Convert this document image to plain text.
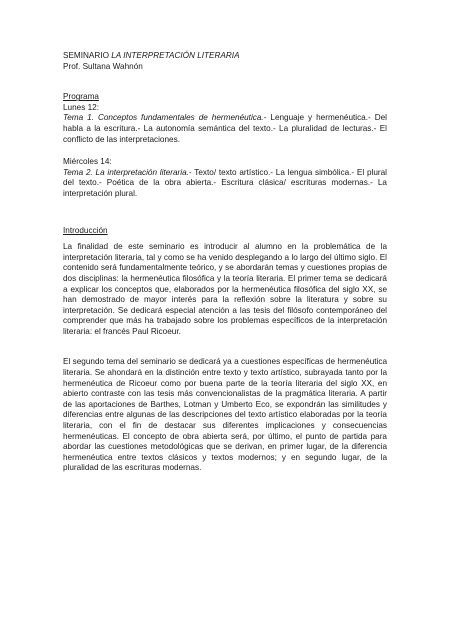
SEMINARIO LA INTERPRETACIÓN LITERARIA
Prof. Sultana Wahnón
Programa
Lunes 12:
Tema 1. Conceptos fundamentales de hermenéutica.- Lenguaje y hermenéutica.- Del habla a la escritura.- La autonomía semántica del texto.- La pluralidad de lecturas.- El conflicto de las interpretaciones.
Miércoles 14:
Tema 2. La interpretación literaria.- Texto/ texto artístico.- La lengua simbólica.- El plural del texto.- Poética de la obra abierta.- Escritura clásica/ escrituras modernas.- La interpretación plural.
Introducción
La finalidad de este seminario es introducir al alumno en la problemática de la interpretación literaria, tal y como se ha venido desplegando a lo largo del último siglo. El contenido será fundamentalmente teórico, y se abordarán temas y cuestiones propias de dos disciplinas: la hermenéutica filosófica y la teoría literaria. El primer tema se dedicará a explicar los conceptos que, elaborados por la hermenéutica filosófica del siglo XX, se han demostrado de mayor interés para la reflexión sobre la literatura y sobre su interpretación. Se dedicará especial atención a las tesis del filósofo contemporáneo del comprender que más ha trabajado sobre los problemas específicos de la interpretación literaria: el francés Paul Ricoeur.
El segundo tema del seminario se dedicará ya a cuestiones específicas de hermenéutica literaria. Se ahondará en la distinción entre texto y texto artístico, subrayada tanto por la hermenéutica de Ricoeur como por buena parte de la teoría literaria del siglo XX, en abierto contraste con las tesis más convencionalistas de la pragmática literaria. A partir de las aportaciones de Barthes, Lotman y Umberto Eco, se expondrán las similitudes y diferencias entre algunas de las descripciones del texto artístico elaboradas por la teoría literaria, con el fin de destacar sus diferentes implicaciones y consecuencias hermenéuticas. El concepto de obra abierta será, por último, el punto de partida para abordar las cuestiones metodológicas que se derivan, en primer lugar, de la diferencia hermenéutica entre textos clásicos y textos modernos; y en segundo lugar, de la pluralidad de las escrituras modernas.
